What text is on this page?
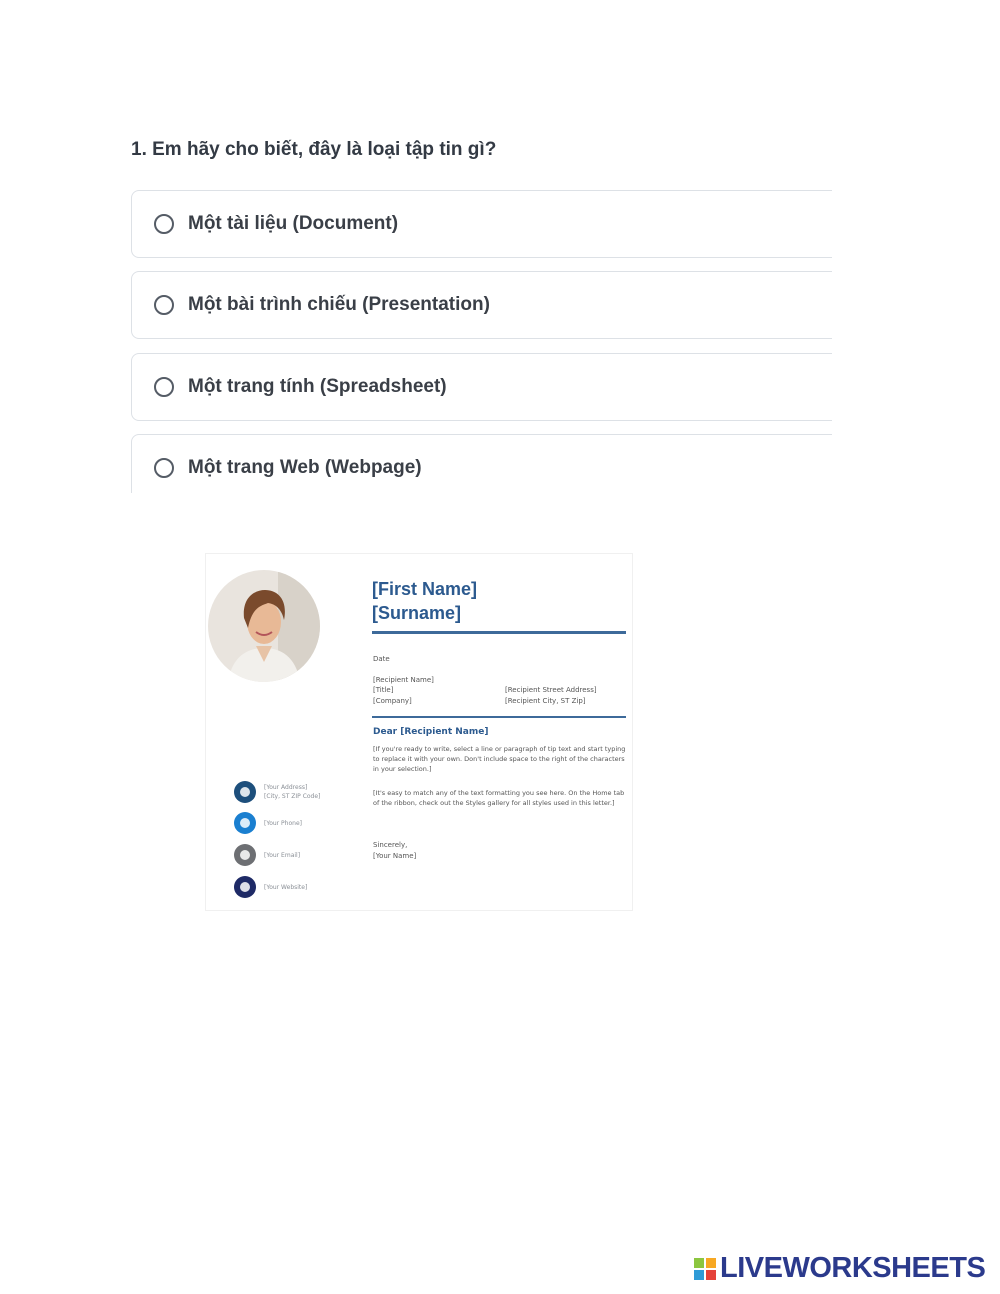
1. Em hãy cho biết, đây là loại tập tin gì?
Một tài liệu (Document)
Một bài trình chiếu (Presentation)
Một trang tính (Spreadsheet)
Một trang Web (Webpage)
[First Name]
[Surname]
Date
[Recipient Name]
[Title]
[Company]
[Recipient Street Address]
[Recipient City, ST Zip]
Dear [Recipient Name]
[If you're ready to write, select a line or paragraph of tip text and start typing to replace it with your own. Don't include space to the right of the characters in your selection.]
[It's easy to match any of the text formatting you see here. On the Home tab of the ribbon, check out the Styles gallery for all styles used in this letter.]
Sincerely,
[Your Name]
[Your Address]
[City, ST ZIP Code]
[Your Phone]
[Your Email]
[Your Website]
LIVEWORKSHEETS
